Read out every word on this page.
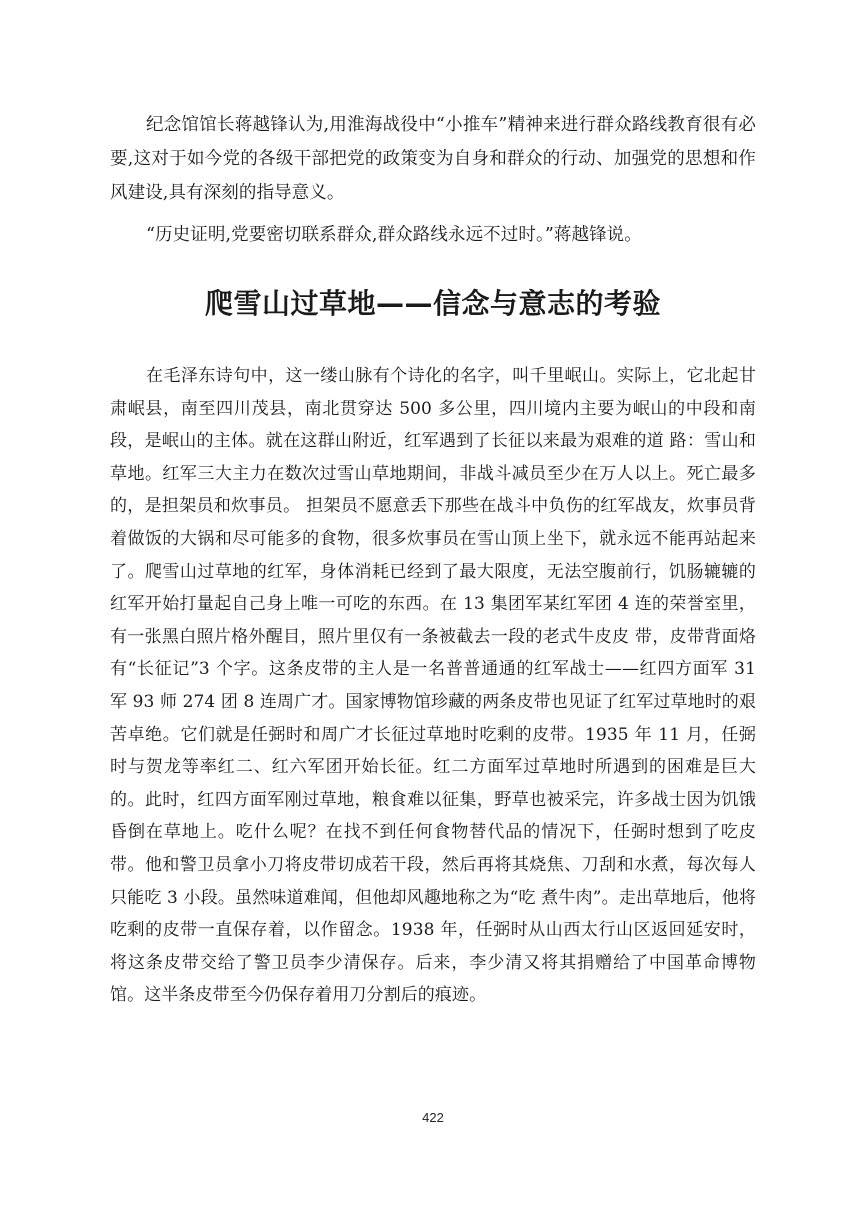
纪念馆馆长蒋越锋认为,用淮海战役中“小推车”精神来进行群众路线教育很有必要,这对于如今党的各级干部把党的政策变为自身和群众的行动、加强党的思想和作风建设,具有深刻的指导意义。

“历史证明,党要密切联系群众,群众路线永远不过时。”蒋越锋说。

爬雪山过草地——信念与意志的考验

在毛泽东诗句中，这一缕山脉有个诗化的名字，叫千里岷山。实际上，它北起甘肃岷县，南至四川茂县，南北贯穿达 500 多公里，四川境内主要为岷山的中段和南段，是岷山的主体。就在这群山附近，红军遇到了长征以来最为艰难的道 路：雪山和草地。红军三大主力在数次过雪山草地期间，非战斗减员至少在万人以上。死亡最多的，是担架员和炊事员。 担架员不愿意丢下那些在战斗中负伤的红军战友，炊事员背 着做饭的大锅和尽可能多的食物，很多炊事员在雪山顶上坐下，就永远不能再站起来了。爬雪山过草地的红军，身体消耗已经到了最大限度，无法空腹前行，饥肠辘辘的红军开始打量起自己身上唯一可吃的东西。在 13 集团军某红军团 4 连的荣誉室里，有一张黑白照片格外醒目，照片里仅有一条被截去一段的老式牛皮皮 带，皮带背面烙有“长征记”3 个字。这条皮带的主人是一名普普通通的红军战士——红四方面军 31 军 93 师 274 团 8 连周广才。国家博物馆珍藏的两条皮带也见证了红军过草地时的艰苦卓绝。它们就是任弼时和周广才长征过草地时吃剩的皮带。1935 年 11 月，任弼时与贺龙等率红二、红六军团开始长征。红二方面军过草地时所遇到的困难是巨大的。此时，红四方面军刚过草地，粮食难以征集，野草也被采完，许多战士因为饥饿昏倒在草地上。吃什么呢？在找不到任何食物替代品的情况下，任弼时想到了吃皮带。他和警卫员拿小刀将皮带切成若干段，然后再将其烧焦、刀刮和水煮，每次每人只能吃 3 小段。虽然味道难闻，但他却风趣地称之为“吃 煮牛肉”。走出草地后，他将吃剩的皮带一直保存着，以作留念。1938 年，任弼时从山西太行山区返回延安时，将这条皮带交给了警卫员李少清保存。后来，李少清又将其捐赠给了中国革命博物馆。这半条皮带至今仍保存着用刀分割后的痕迹。

422
